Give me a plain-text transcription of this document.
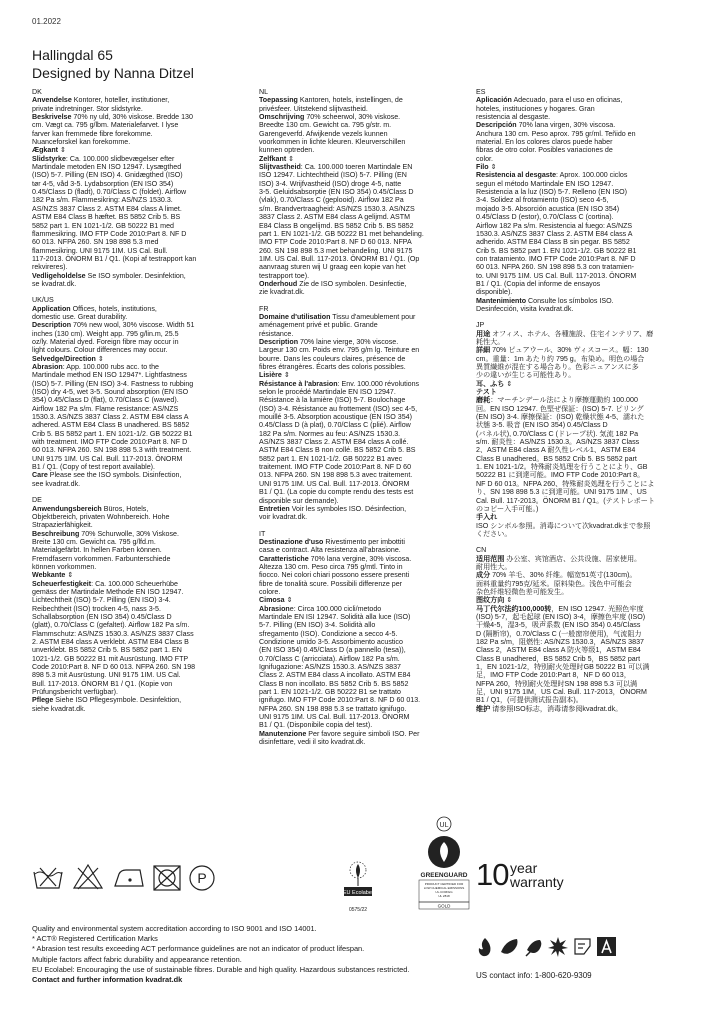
01.2022
Hallingdal 65
Designed by Nanna Ditzel
DK
Anvendelse Kontorer, hoteller, institutioner,
private indretninger. Stor slidstyrke.
Beskrivelse 70% ny uld, 30% viskose. Bredde 130
cm. Vægt ca. 795 g/lbm. Materialefarvet. I lyse
farver kan fremmede fibre forekomme.
Nuanceforskel kan forekomme.
Ægkant ⇕
Slidstyrke: Ca. 100.000 slidbevægelser efter
Martindale metoden EN ISO 12947. Lysægthed
(ISO) 5-7. Pilling (EN ISO) 4. Gnidægthed (ISO)
tør 4-5, våd 3-5. Lydabsorption (EN ISO 354)
0.45/Class D (fladt), 0.70/Class C (foldet). Airflow
182 Pa s/m. Flammesikring: AS/NZS 1530.3.
AS/NZS 3837 Class 2. ASTM E84 class A limet.
ASTM E84 Class B hæftet. BS 5852 Crib 5. BS
5852 part 1. EN 1021-1/2. GB 50222 B1 med
flammesikring. IMO FTP Code 2010:Part 8. NF D
60 013. NFPA 260. SN 198 898 5.3 med
flammesikring. UNI 9175 1IM. US Cal. Bull.
117-2013. ÖNORM B1 / Q1. (Kopi af testrapport kan
rekvireres).
Vedligeholdelse Se ISO symboler. Desinfektion,
se kvadrat.dk.
UK/US
Application Offices, hotels, institutions,
domestic use. Great durability.
Description 70% new wool, 30% viscose. Width 51
inches (130 cm). Weight app. 795 g/lin.m, 25.5
oz/ly. Material dyed. Foreign fibre may occur in
light colours. Colour differences may occur.
Selvedge/Direction ⇕
Abrasion: App. 100.000 rubs acc. to the
Martindale method EN ISO 12947*. Lightfastness
(ISO) 5-7. Pilling (EN ISO) 3-4. Fastness to rubbing
(ISO) dry 4-5, wet 3-5. Sound absorption (EN ISO
354) 0.45/Class D (flat), 0.70/Class C (waved).
Airflow 182 Pa s/m. Flame resistance: AS/NZS
1530.3. AS/NZS 3837 Class 2. ASTM E84 class A
adhered. ASTM E84 Class B unadhered. BS 5852
Crib 5. BS 5852 part 1. EN 1021-1/2. GB 50222 B1
with treatment. IMO FTP Code 2010:Part 8. NF D
60 013. NFPA 260. SN 198 898 5.3 with treatment.
UNI 9175 1IM. US Cal. Bull. 117-2013. ÖNORM
B1 / Q1. (Copy of test report available).
Care Please see the ISO symbols. Disinfection,
see kvadrat.dk.
DE
Anwendungsbereich Büros, Hotels,
Objektbereich, privaten Wohnbereich. Hohe
Strapazierfähigkeit.
Beschreibung 70% Schurwolle, 30% Viskose.
Breite 130 cm. Gewicht ca. 795 g/lfd.m.
Materialgefärbt. In hellen Farben können.
Fremdfasern vorkommen. Farbunterschiede
können vorkommen.
Webkante ⇕
Scheuerfestigkeit: Ca. 100.000 Scheuerhübe
gemäss der Martindale Methode EN ISO 12947.
Lichtechtheit (ISO) 5-7. Pilling (EN ISO) 3-4.
Reibechtheit (ISO) trocken 4-5, nass 3-5.
Schallabsorption (EN ISO 354) 0.45/Class D
(glatt), 0.70/Class C (gefaltet). Airflow 182 Pa s/m.
Flammschutz: AS/NZS 1530.3. AS/NZS 3837 Class
2. ASTM E84 class A verklebt. ASTM E84 Class B
unverklebt. BS 5852 Crib 5. BS 5852 part 1. EN
1021-1/2. GB 50222 B1 mit Ausrüstung. IMO FTP
Code 2010:Part 8. NF D 60 013. NFPA 260. SN 198
898 5.3 mit Ausrüstung. UNI 9175 1IM. US Cal.
Bull. 117-2013. ÖNORM B1 / Q1. (Kopie von
Prüfungsbericht verfügbar).
Pflege Siehe ISO Pflegesymbole. Desinfektion,
siehe kvadrat.dk.
NL
Toepassing Kantoren, hotels, instellingen, de
privésfeer. Uitstekend slijtvastheid.
Omschrijving 70% scheerwol, 30% viskose.
Breedte 130 cm. Gewicht ca. 795 g/str. m.
Garengeverfd. Afwijkende vezels kunnen
voorkommen in lichte kleuren. Kleurverschillen
kunnen optreden.
Zelfkant ⇕
Slijtvastheid: Ca. 100.000 toeren Martindale EN
ISO 12947. Lichtechtheid (ISO) 5-7. Pilling (EN
ISO) 3-4. Wrijfvastheid (ISO) droge 4-5, natte
3-5. Geluidsabsorptie (EN ISO 354) 0.45/Class D
(vlak), 0.70/Class C (geplooid). Airflow 182 Pa
s/m. Brandvertraagheid: AS/NZS 1530.3. AS/NZS
3837 Class 2. ASTM E84 class A gelijmd. ASTM
E84 Class B ongelijmd. BS 5852 Crib 5. BS 5852
part 1. EN 1021-1/2. GB 50222 B1 met behandeling.
IMO FTP Code 2010:Part 8. NF D 60 013. NFPA
260. SN 198 898 5.3 met behandeling. UNI 9175
1IM. US Cal. Bull. 117-2013. ÖNORM B1 / Q1. (Op
aanvraag sturen wij U graag een kopie van het
testrapport toe).
Onderhoud Zie de ISO symbolen. Desinfectie,
zie kvadrat.dk.
FR
Domaine d'utilisation Tissu d'ameublement pour
aménagement privé et public. Grande
résistance.
Description 70% laine vierge, 30% viscose.
Largeur 130 cm. Poids env. 795 g/m lg. Teinture en
bourre. Dans les couleurs claires, présence de
fibres étrangères. Écarts des coloris possibles.
Lisière ⇕
Résistance à l'abrasion: Env. 100.000 révolutions
selon le procédé Martindale EN ISO 12947.
Résistance à la lumière (ISO) 5-7. Boulochage
(ISO) 3-4. Résistance au frottement (ISO) sec 4-5,
mouillé 3-5. Absorption acoustique (EN ISO 354)
0.45/Class D (à plat), 0.70/Class C (plié). Airflow
182 Pa s/m. Normes au feu: AS/NZS 1530.3.
AS/NZS 3837 Class 2. ASTM E84 class A collé.
ASTM E84 Class B non collé. BS 5852 Crib 5. BS
5852 part 1. EN 1021-1/2. GB 50222 B1 avec
traitement. IMO FTP Code 2010:Part 8. NF D 60
013. NFPA 260. SN 198 898 5.3 avec traitement.
UNI 9175 1IM. US Cal. Bull. 117-2013. ÖNORM
B1 / Q1. (La copie du compte rendu des tests est
disponible sur demande).
Entretien Voir les symboles ISO. Désinfection,
voir kvadrat.dk.
IT
Destinazione d'uso Rivestimento per imbottiti
casa e contract. Alta resistenza all'abrasione.
Caratteristiche 70% lana vergine, 30% viscosa.
Altezza 130 cm. Peso circa 795 g/mtl. Tinto in
fiocco. Nei colori chiari possono essere presenti
fibre de tonalità scure. Possibili differenze per
colore.
Cimosa ⇕
Abrasione: Circa 100.000 cicli/metodo
Martindale EN ISI 12947. Solidità alla luce (ISO)
5-7. Pilling (EN ISO) 3-4. Solidità allo
sfregamento (ISO). Condizione a secco 4-5.
Condizione umido 3-5. Assorbimento acustico
(EN ISO 354) 0.45/Class D (a pannello (tesa)),
0.70/Class C (arricciata). Airflow 182 Pa s/m.
Ignifugazione: AS/NZS 1530.3. AS/NZS 3837
Class 2. ASTM E84 class A incollato. ASTM E84
Class B non incollato. BS 5852 Crib 5. BS 5852
part 1. EN 1021-1/2. GB 50222 B1 se trattato
ignifugo. IMO FTP Code 2010:Part 8. NF D 60 013.
NFPA 260. SN 198 898 5.3 se trattato ignifugo.
UNI 9175 1IM. US Cal. Bull. 117-2013. ÖNORM
B1 / Q1. (Disponibile copia del test).
Manutenzione Per favore seguire simboli ISO. Per
disinfettare, vedi il sito kvadrat.dk.
ES
Aplicación Adecuado, para el uso en oficinas,
hoteles, instituciones y hogares. Gran
resistencia al desgaste.
Descripción 70% lana virgen, 30% viscosa.
Anchura 130 cm. Peso aprox. 795 gr/ml. Teñido en
material. En los colores claros puede haber
fibras de otro color. Posibles variaciones de
color.
Filo ⇕
Resistencia al desgaste: Aprox. 100.000 ciclos
segun el método Martindale EN ISO 12947.
Resistencia a la luz (ISO) 5-7. Relleno (EN ISO)
3-4. Solidez al frotamiento (ISO) seco 4-5,
mojado 3-5. Absorción acustica (EN ISO 354)
0.45/Class D (estor), 0.70/Class C (cortina).
Airflow 182 Pa s/m. Resistencia al fuego: AS/NZS
1530.3. AS/NZS 3837 Class 2. ASTM E84 class A
adherido. ASTM E84 Class B sin pegar. BS 5852
Crib 5. BS 5852 part 1. EN 1021-1/2. GB 50222 B1
con tratamiento. IMO FTP Code 2010:Part 8. NF D
60 013. NFPA 260. SN 198 898 5.3 con tratamien-
to. UNI 9175 1IM. US Cal. Bull. 117-2013. ÖNORM
B1 / Q1. (Copia del informe de ensayos
disponible).
Mantenimiento Consulte los símbolos ISO.
Desinfección, visita kvadrat.dk.
JP
用途 オフィス、ホテル、各種施設、住宅インテリア、磨
耗性大。
詳細 70% ピュアウール、30% ヴィスコース。幅：130
cm。重量：1m あたり約 795 g。布染め。明色の場合
異質繊維が混在する場合あり。色彩ニュアンスに多
少の違いが生じる可能性あり。
耳、ふち ⇕
テスト
磨耗：マーチンデール法により摩擦運動約 100.000
回。EN ISO 12947. 色堅ぜ保証：(ISO) 5-7. ピリング
(EN ISO) 3-4. 摩擦保証：(ISO) 乾燥状態 4-5、濡れた
状態 3-5. 吸音 (EN ISO 354) 0.45/Class D
(パネル状), 0.70/Class C (ドレープ状). 気流 182 Pa
s/m. 耐炎性：AS/NZS 1530.3。AS/NZS 3837 Class
2、ASTM E84 class A 耐久性レベル1、ASTM E84
Class B unadhered。BS 5852 Crib 5. BS 5852 part
1. EN 1021-1/2。特殊耐炎処理を行うことにより、GB
50222 B1 に到達可能。IMO FTP Code 2010:Part 8。
NF D 60 013。NFPA 260、特殊耐炎処理を行うことによ
り、SN 198 898 5.3 に到達可能。UNI 9175 1IM 、US
Cal. Bull. 117-2013。ÖNORM B1 / Q1。(テストレポート
のコピー入手可能。)
手入れ
ISO シンボル参照。消毒について次kvadrat.dkまで参照
ください。
CN
适用范围 办公室、宾馆酒店、公共设施、居家使用。
耐用性大。
成分 70% 羊毛、30% 纤维。幅宽51英寸(130cm)。
面料重量约795克/延米。原料染色。浅色中可能会
杂色纤维轻微色差可能发生。
图纹方向 ⇕
马丁代尔法约100,000转，EN ISO 12947. 光照色牢度
(ISO) 5-7，起毛起球 (EN ISO) 3-4，摩擦色牢度 (ISO)
干燥4-5，湿3-5，吸声系数 (EN ISO 354) 0.45/Class
D (隔断帘)，0.70/Class C (一般窗帘使用)，气流阻力
182 Pa s/m，阻燃性: AS/NZS 1530.3，AS/NZS 3837
Class 2，ASTM E84 class A 防火等级1，ASTM E84
Class B unadhered，BS 5852 Crib 5，BS 5852 part
1，EN 1021-1/2，特别耐火处理时GB 50222 B1 可以满
足，IMO FTP Code 2010:Part 8，NF D 60 013，
NFPA 260，特别耐火处理时SN 198 898 5.3 可以满
足，UNI 9175 1IM，US Cal. Bull. 117-2013，ÖNORM
B1 / Q1，(可提供测试报告副本)。
维护 请参照ISO标志，消毒请参阅kvadrat.dk。
P
EU Ecolabel
0575/22
UL
GREENGUARD
PRODUCT CERTIFIED FOR
LOW CHEMICAL EMISSIONS
UL.COM/GG
UL 2818
GOLD
10 year
warranty
Quality and environmental system accreditation according to ISO 9001 and ISO 14001.
* ACT® Registered Certification Marks
* Abrasion test results exceeding ACT performance guidelines are not an indicator of product lifespan.
Multiple factors affect fabric durability and appearance retention.
EU Ecolabel: Encouraging the use of sustainable fibres. Durable and high quality. Hazardous substances restricted.
Contact and further information kvadrat.dk	US contact info: 1-800-620-9309
